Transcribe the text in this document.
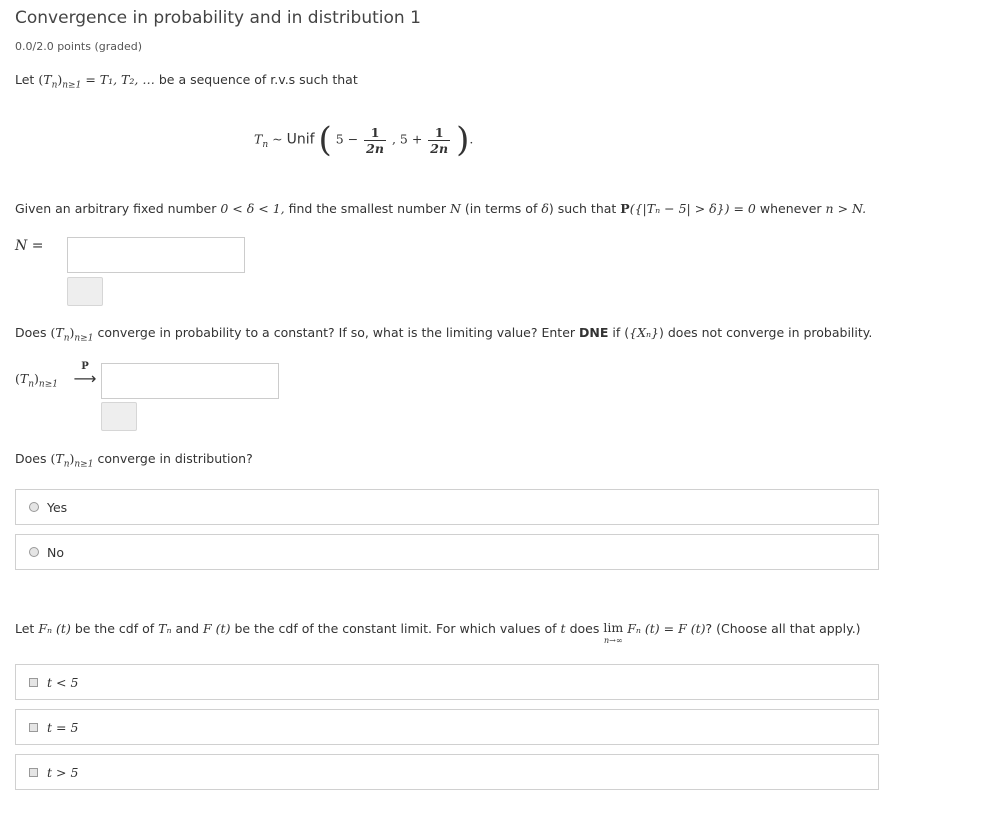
Convergence in probability and in distribution 1
0.0/2.0 points (graded)
Let $(T_n)_{n\ge 1} = T_1$, T₂, … be a sequence of r.v.s such that
$T_n$ ∼ Unif ( $5 - \frac{1}{2n}$ , $5 + \frac{1}{2n}$ ).
Given an arbitrary fixed number 0 < δ < 1, find the smallest number N (in terms of δ) such that P({|Tₙ − 5| > δ}) = 0 whenever n > N.
N =
Does $(T_n)_{n\ge 1}$ converge in probability to a constant? If so, what is the limiting value? Enter DNE if ({Xₙ}) does not converge in probability.
$(T_n)_{n\ge 1}$
P
⟶
Does $(T_n)_{n\ge 1}$ converge in distribution?
Yes
No
Let Fₙ (t) be the cdf of Tₙ and F (t) be the cdf of the constant limit. For which values of t does lim
n→∞
Fₙ (t) = F (t)? (Choose all that apply.)
t < 5
t = 5
t > 5
